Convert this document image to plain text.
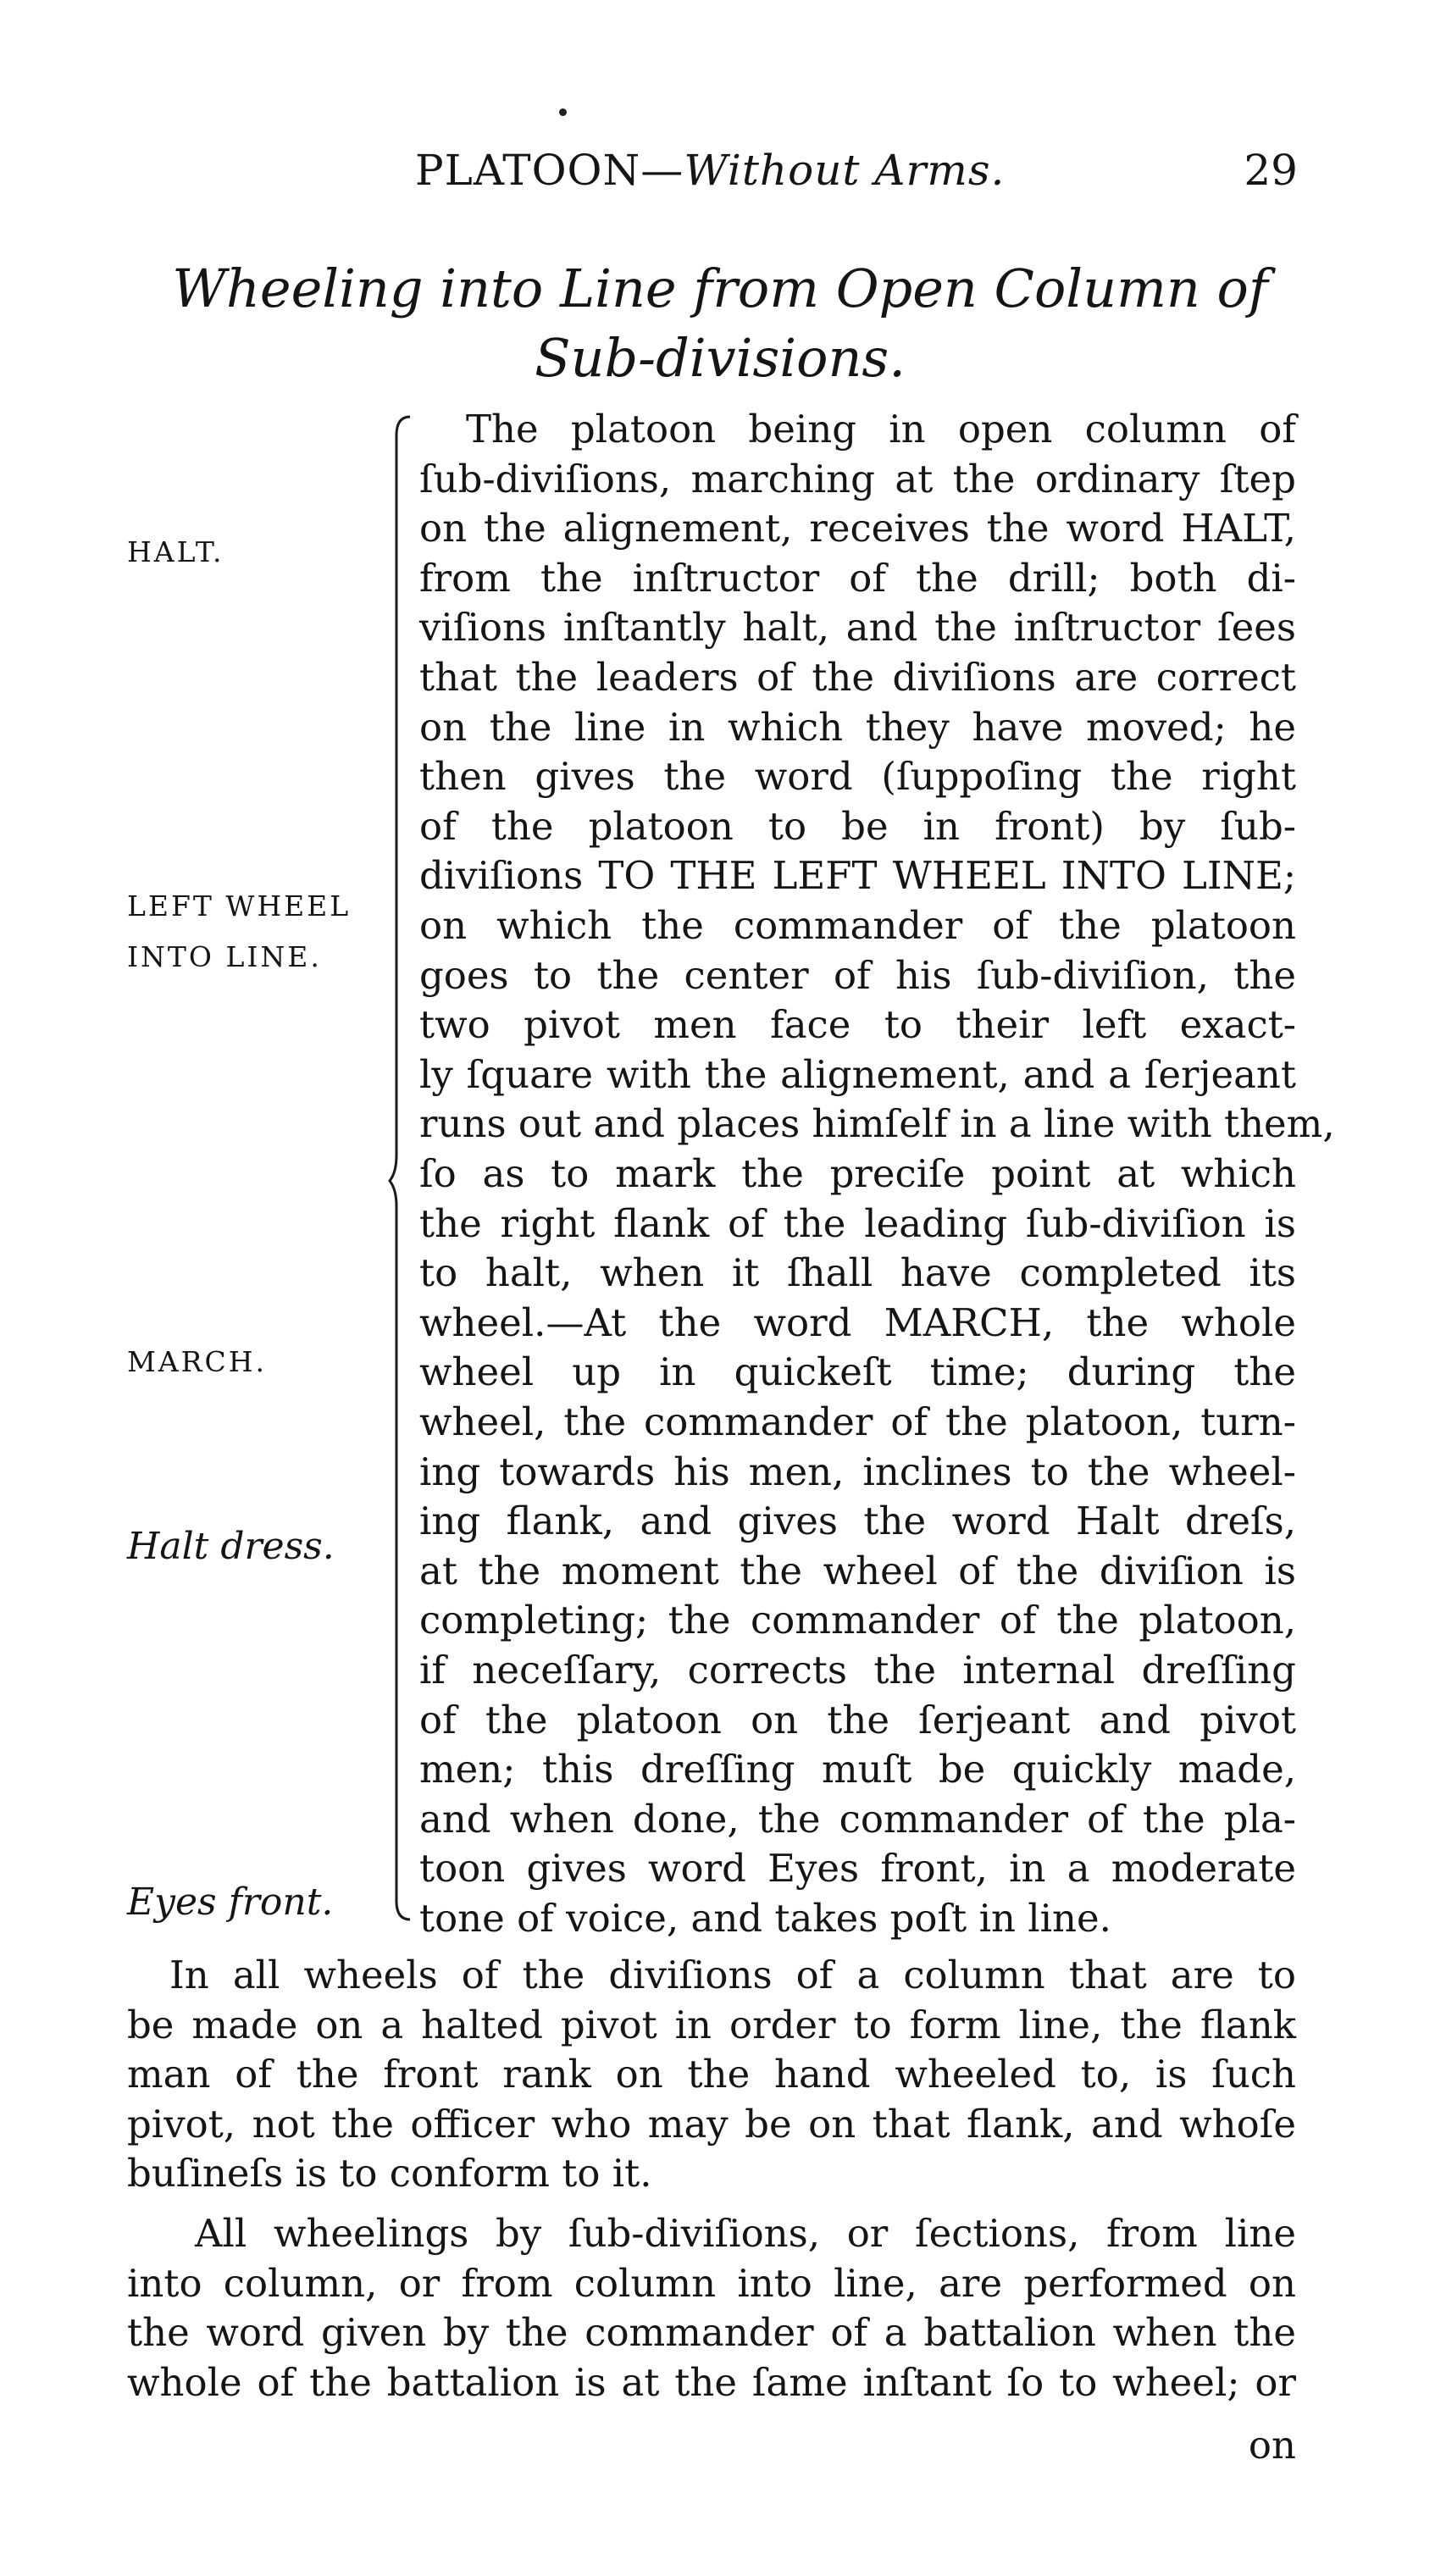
PLATOON—Without Arms.	29
Wheeling into Line from Open Column of Sub-divisions.
HALT.
LEFT WHEEL
INTO LINE.
MARCH.
Halt dress.
Eyes front.
The platoon being in open column of
ſub-diviſions, marching at the ordinary ſtep
on the alignement, receives the word HALT,
from the inſtructor of the drill; both di-
viſions inſtantly halt, and the inſtructor ſees
that the leaders of the diviſions are correct
on the line in which they have moved; he
then gives the word (ſuppoſing the right
of the platoon to be in front) by ſub-
diviſions TO THE LEFT WHEEL INTO LINE;
on which the commander of the platoon
goes to the center of his ſub-diviſion, the
two pivot men face to their left exact-
ly ſquare with the alignement, and a ſerjeant
runs out and places himſelf in a line with them,
ſo as to mark the preciſe point at which
the right flank of the leading ſub-diviſion is
to halt, when it ſhall have completed its
wheel.—At the word MARCH, the whole
wheel up in quickeſt time; during the
wheel, the commander of the platoon, turn-
ing towards his men, inclines to the wheel-
ing flank, and gives the word Halt dreſs,
at the moment the wheel of the diviſion is
completing; the commander of the platoon,
if neceſſary, corrects the internal dreſſing
of the platoon on the ſerjeant and pivot
men; this dreſſing muſt be quickly made,
and when done, the commander of the pla-
toon gives word Eyes front, in a moderate
tone of voice, and takes poſt in line.
In all wheels of the diviſions of a column that are to
be made on a halted pivot in order to form line, the flank
man of the front rank on the hand wheeled to, is ſuch
pivot, not the officer who may be on that flank, and whoſe
buſineſs is to conform to it.
All wheelings by ſub-diviſions, or ſections, from line
into column, or from column into line, are performed on
the word given by the commander of a battalion when the
whole of the battalion is at the ſame inſtant ſo to wheel; or
on
